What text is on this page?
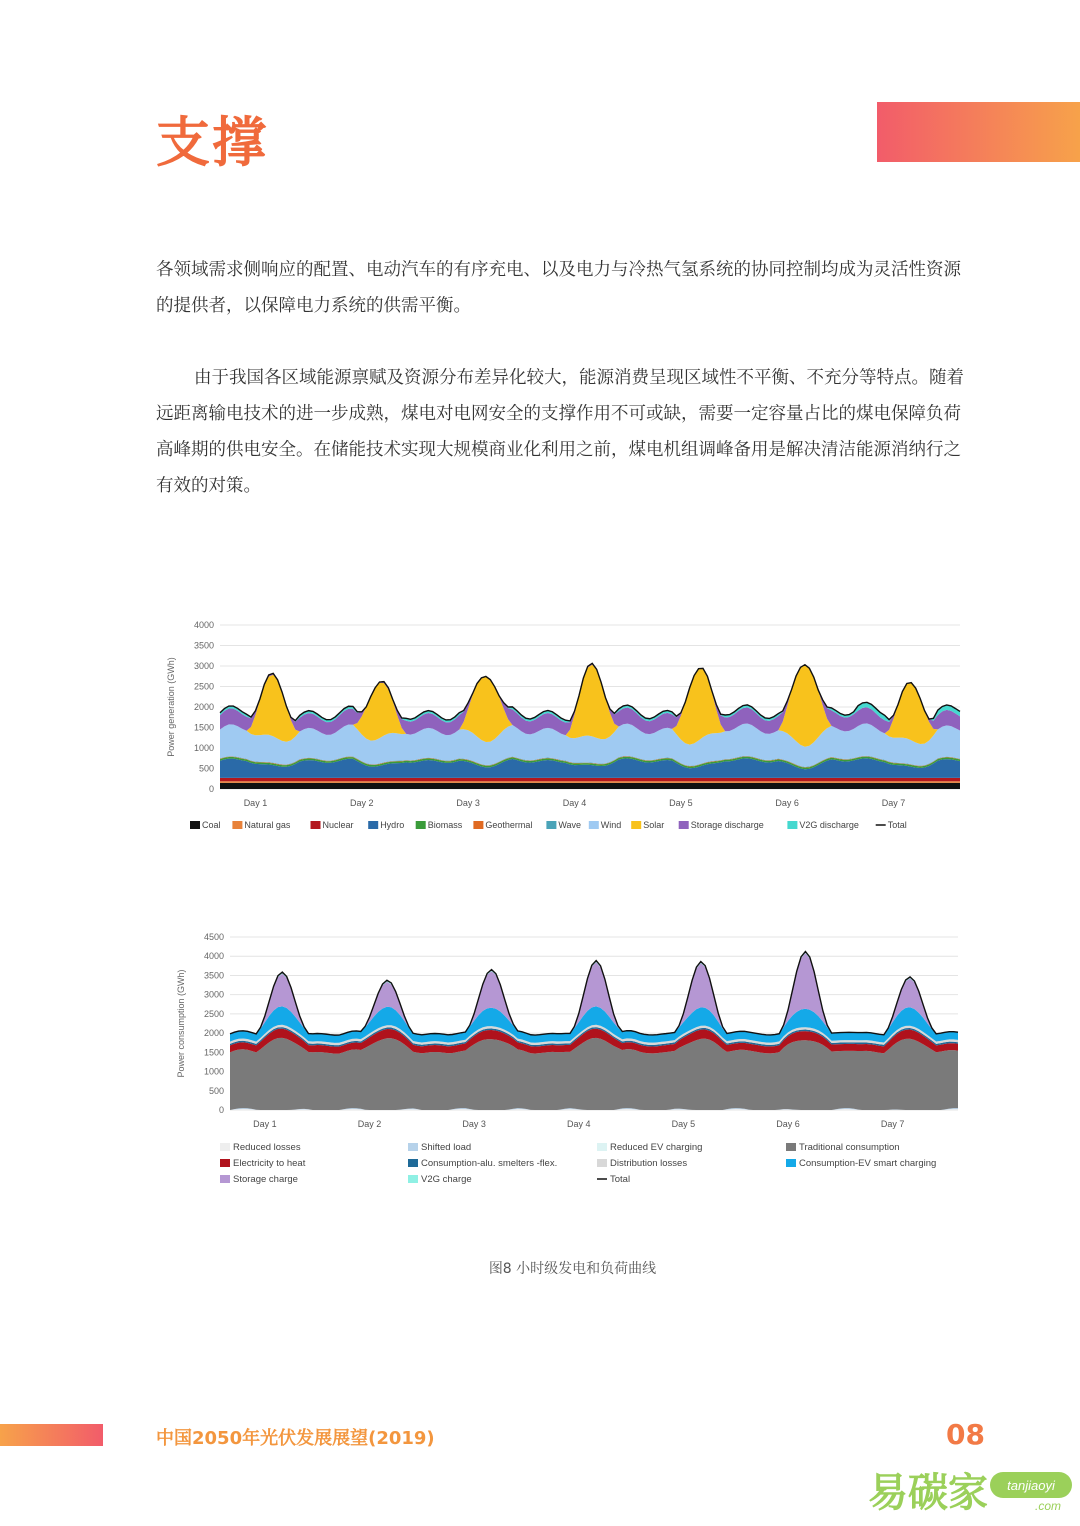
支撑
各领域需求侧响应的配置、电动汽车的有序充电、以及电力与冷热气氢系统的协同控制均成为灵活性资源的提供者，以保障电力系统的供需平衡。
由于我国各区域能源禀赋及资源分布差异化较大，能源消费呈现区域性不平衡、不充分等特点。随着远距离输电技术的进一步成熟，煤电对电网安全的支撑作用不可或缺，需要一定容量占比的煤电保障负荷高峰期的供电安全。在储能技术实现大规模商业化利用之前，煤电机组调峰备用是解决清洁能源消纳行之有效的对策。
0
500
1000
1500
2000
2500
3000
3500
4000
Power generation (GWh)
Day 1	Day 2	Day 3	Day 4	Day 5	Day 6	Day 7
Coal	Natural gas	Nuclear	Hydro	Biomass	Geothermal	Wave Wind Solar	Storage discharge	V2G discharge	Total
0
500
1000
1500
2000
2500
3000
3500
4000
4500
Power consumption (GWh)
Day 1	Day 2	Day 3	Day 4	Day 5	Day 6	Day 7
Reduced losses	Shifted load	Reduced EV charging	Traditional consumption
Electricity to heat	Consumption-alu. smelters -flex.	Distribution losses	Consumption-EV smart charging
Storage charge	V2G charge	Total
图8 小时级发电和负荷曲线
中国2050年光伏发展展望(2019)	08
易碳家 tanjiaoyi
.com
